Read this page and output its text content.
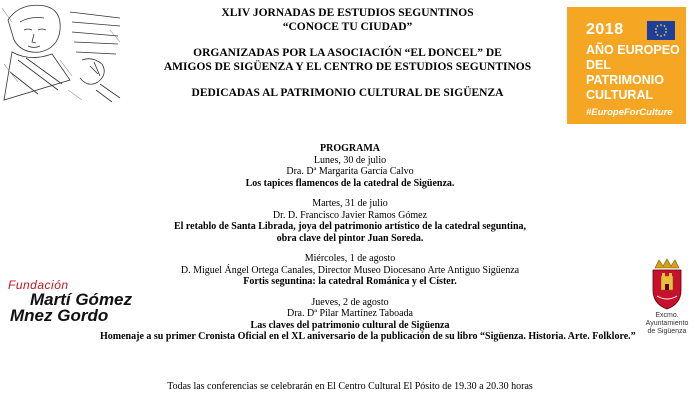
XLIV JORNADAS DE ESTUDIOS SEGUNTINOS
“CONOCE TU CIUDAD”
ORGANIZADAS POR LA ASOCIACIÓN “EL DONCEL” DE
AMIGOS DE SIGÜENZA Y EL CENTRO DE ESTUDIOS SEGUNTINOS
DEDICADAS AL PATRIMONIO CULTURAL DE SIGÜENZA
2018
AÑO EUROPEO
DEL PATRIMONIO
CULTURAL
#EuropeForCulture
PROGRAMA
Lunes, 30 de julio
Dra. Dª Margarita García Calvo
Los tapices flamencos de la catedral de Sigüenza.
Martes, 31 de julio
Dr. D. Francisco Javier Ramos Gómez
El retablo de Santa Librada, joya del patrimonio artístico de la catedral seguntina,
obra clave del pintor Juan Soreda.
Miércoles, 1 de agosto
D. Miguel Ángel Ortega Canales, Director Museo Diocesano Arte Antiguo Sigüenza
Fortis seguntina: la catedral Románica y el Císter.
Jueves, 2 de agosto
Dra. Dª Pilar Martínez Taboada
Las claves del patrimonio cultural de Sigüenza
Homenaje a su primer Cronista Oficial en el XL aniversario de la publicación de su libro “Sigüenza. Historia. Arte. Folklore.”
Fundación
Martí Gómez
Mnez Gordo	Excmo.
Ayuntamiento
de Sigüenza
Todas las conferencias se celebrarán en El Centro Cultural El Pósito de 19.30 a 20.30 horas
